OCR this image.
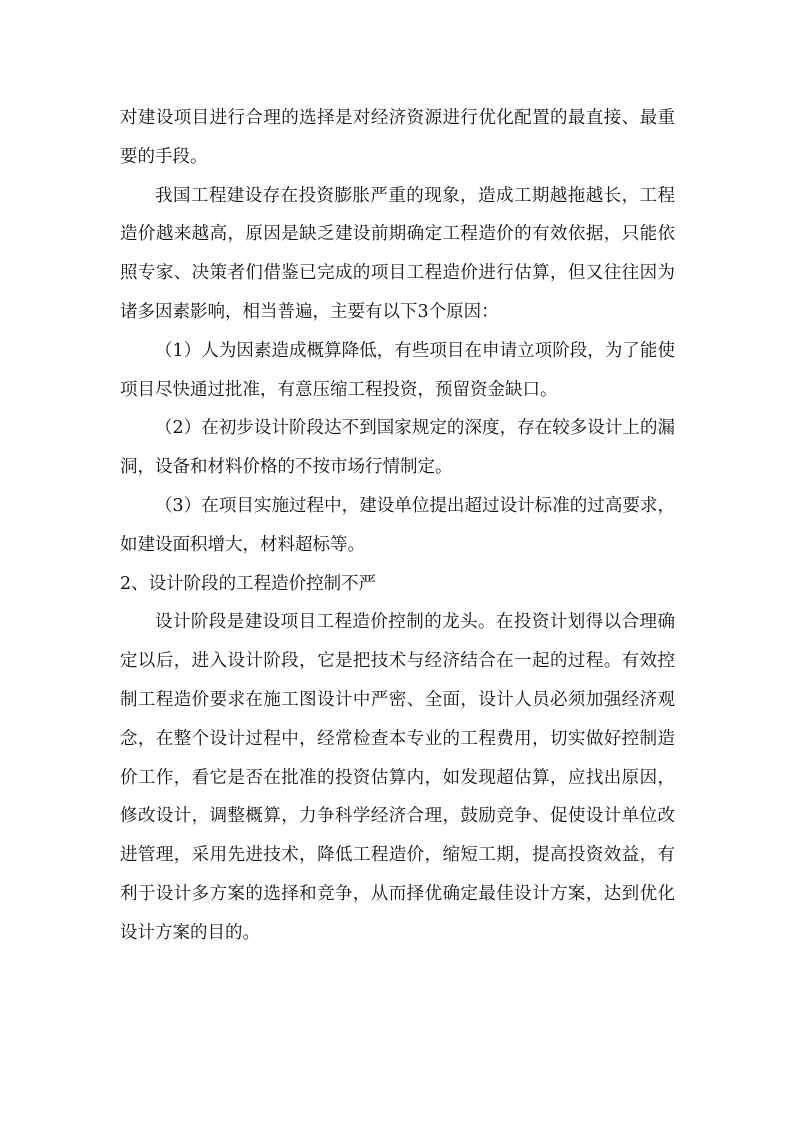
对建设项目进行合理的选择是对经济资源进行优化配置的最直接、最重要的手段。

我国工程建设存在投资膨胀严重的现象，造成工期越拖越长，工程造价越来越高，原因是缺乏建设前期确定工程造价的有效依据，只能依照专家、决策者们借鉴已完成的项目工程造价进行估算，但又往往因为诸多因素影响，相当普遍，主要有以下3个原因：

（1）人为因素造成概算降低，有些项目在申请立项阶段，为了能使项目尽快通过批准，有意压缩工程投资，预留资金缺口。

（2）在初步设计阶段达不到国家规定的深度，存在较多设计上的漏洞，设备和材料价格的不按市场行情制定。

（3）在项目实施过程中，建设单位提出超过设计标准的过高要求，如建设面积增大，材料超标等。

2、设计阶段的工程造价控制不严

设计阶段是建设项目工程造价控制的龙头。在投资计划得以合理确定以后，进入设计阶段，它是把技术与经济结合在一起的过程。有效控制工程造价要求在施工图设计中严密、全面，设计人员必须加强经济观念，在整个设计过程中，经常检查本专业的工程费用，切实做好控制造价工作，看它是否在批准的投资估算内，如发现超估算，应找出原因，修改设计，调整概算，力争科学经济合理，鼓励竞争、促使设计单位改进管理，采用先进技术，降低工程造价，缩短工期，提高投资效益，有利于设计多方案的选择和竞争，从而择优确定最佳设计方案，达到优化设计方案的目的。
